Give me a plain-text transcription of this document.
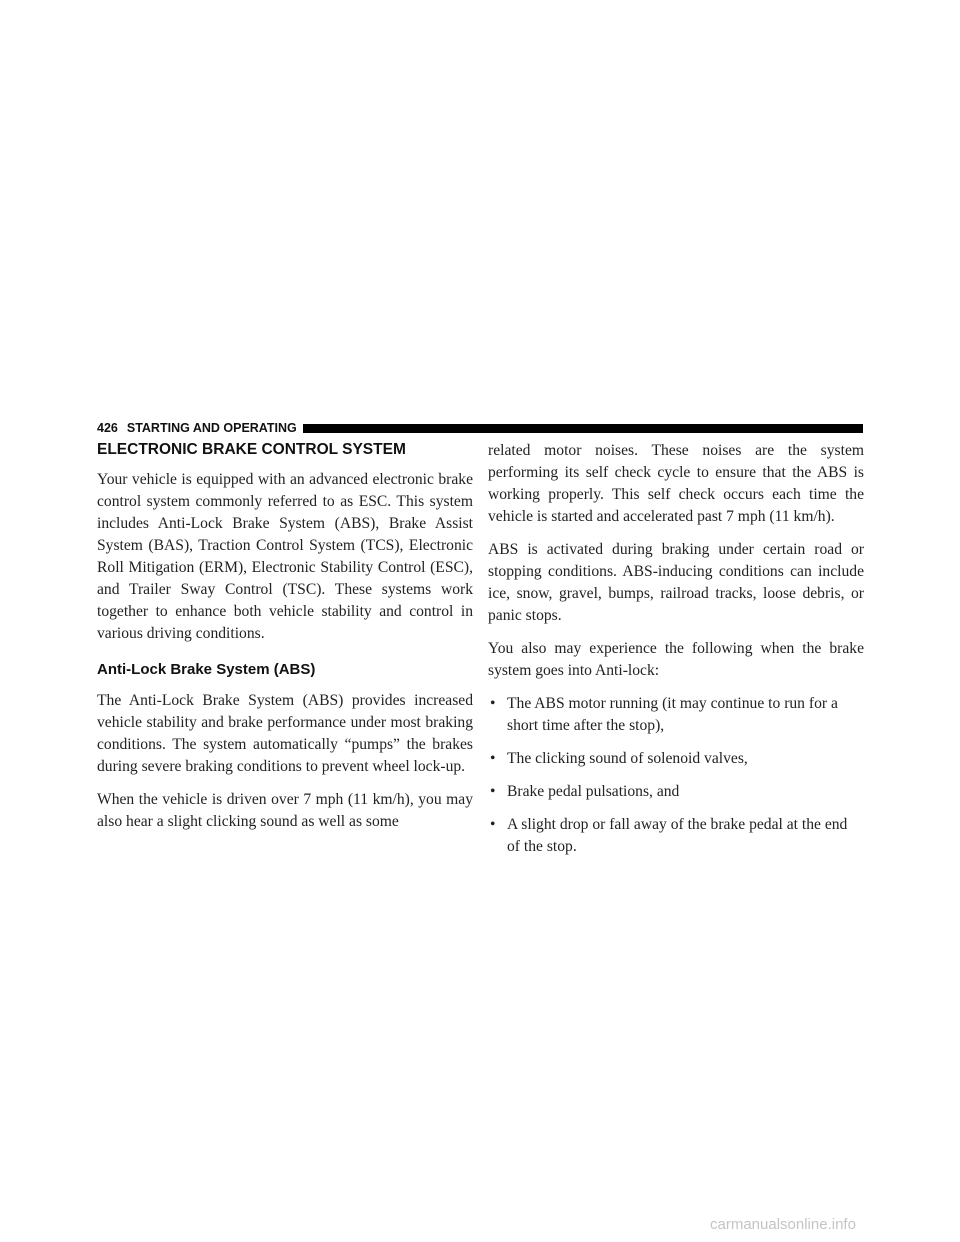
426 STARTING AND OPERATING
ELECTRONIC BRAKE CONTROL SYSTEM

Your vehicle is equipped with an advanced electronic brake control system commonly referred to as ESC. This system includes Anti-Lock Brake System (ABS), Brake Assist System (BAS), Traction Control System (TCS), Electronic Roll Mitigation (ERM), Electronic Stability Control (ESC), and Trailer Sway Control (TSC). These systems work together to enhance both vehicle stability and control in various driving conditions.

Anti-Lock Brake System (ABS)

The Anti-Lock Brake System (ABS) provides increased vehicle stability and brake performance under most braking conditions. The system automatically “pumps” the brakes during severe braking conditions to prevent wheel lock-up.

When the vehicle is driven over 7 mph (11 km/h), you may also hear a slight clicking sound as well as some

related motor noises. These noises are the system performing its self check cycle to ensure that the ABS is working properly. This self check occurs each time the vehicle is started and accelerated past 7 mph (11 km/h).

ABS is activated during braking under certain road or stopping conditions. ABS-inducing conditions can include ice, snow, gravel, bumps, railroad tracks, loose debris, or panic stops.

You also may experience the following when the brake system goes into Anti-lock:

• The ABS motor running (it may continue to run for a short time after the stop),
• The clicking sound of solenoid valves,
• Brake pedal pulsations, and
• A slight drop or fall away of the brake pedal at the end of the stop.
carmanualsonline.info
